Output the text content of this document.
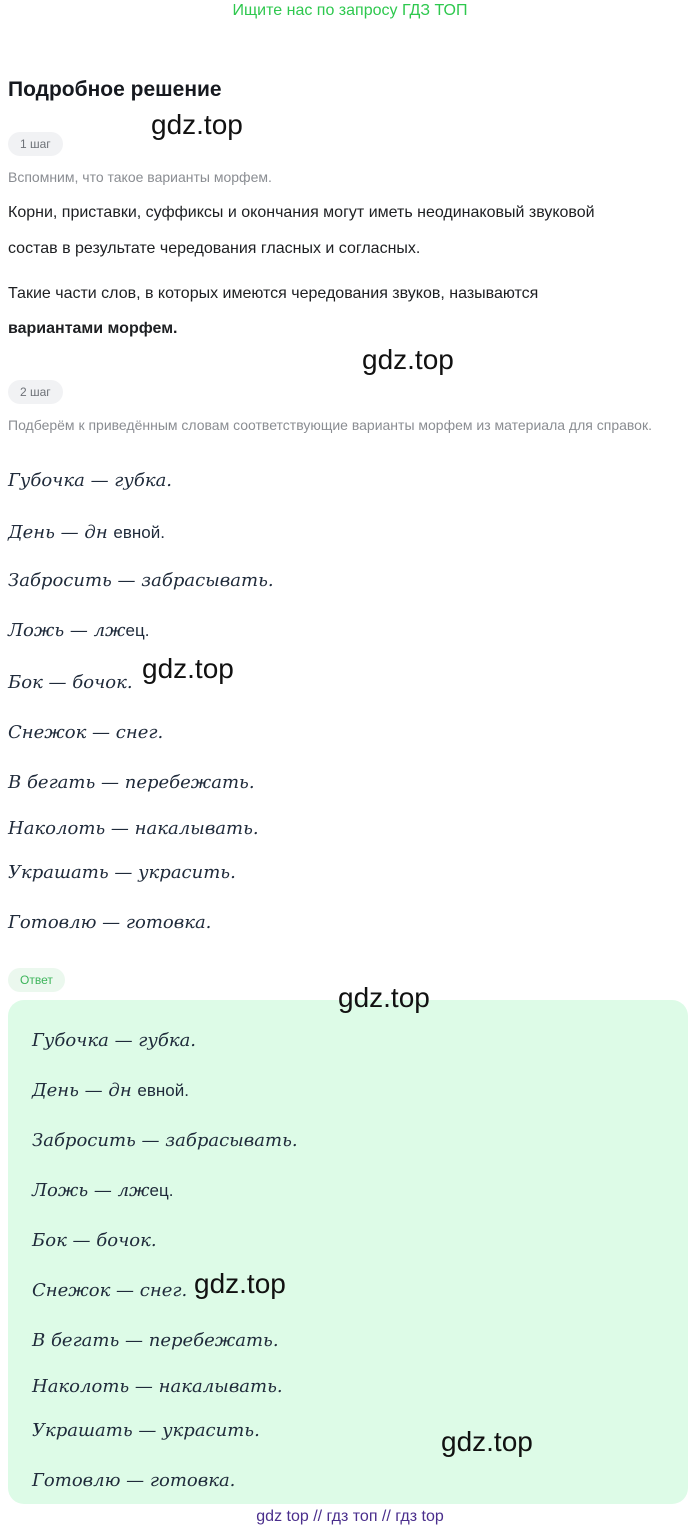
Ищите нас по запросу ГДЗ ТОП
Подробное решение
gdz.top
gdz.top
gdz.top
1 шаг
Вспомним, что такое варианты морфем.
Корни, приставки, суффиксы и окончания могут иметь неодинаковый звуковой
состав в результате чередования гласных и согласных.
Такие части слов, в которых имеются чередования звуков, называются
вариантами морфем.
2 шаг
Подберём к приведённым словам соответствующие варианты морфем из материала для справок.
Губочка — губка.
День — дн евной.
Забросить — забрасывать.
Ложь — лжец.
Бок — бочок.
Снежок — снег.
В бегать — перебежать.
Наколоть — накалывать.
Украшать — украсить.
Готовлю — готовка.
Ответ
gdz.top
Губочка — губка.
День — дн евной.
Забросить — забрасывать.
Ложь — лжец.
Бок — бочок.
Снежок — снег. gdz.top
В бегать — перебежать.
Наколоть — накалывать.
Украшать — украсить.	gdz.top
Готовлю — готовка.
gdz top // гдз топ // гдз top
